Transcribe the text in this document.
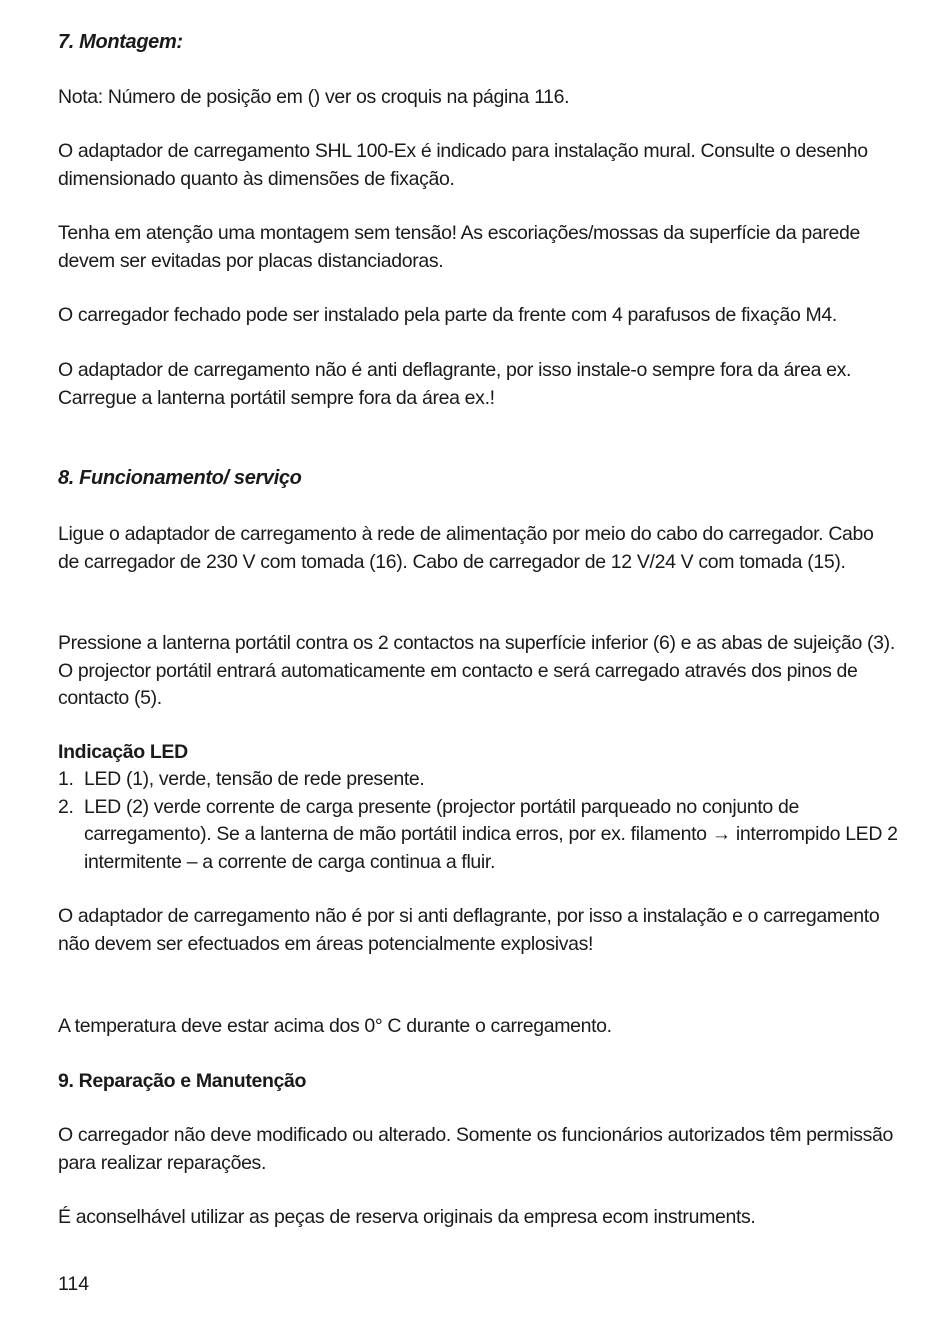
7. Montagem:

Nota: Número de posição em () ver os croquis na página 116.

O adaptador de carregamento SHL 100-Ex é indicado para instalação mural. Consulte o desenho dimensionado quanto às dimensões de fixação.

Tenha em atenção uma montagem sem tensão! As escoriações/mossas da superfície da parede devem ser evitadas por placas distanciadoras.

O carregador fechado pode ser instalado pela parte da frente com 4 parafusos de fixação M4.

O adaptador de carregamento não é anti deflagrante, por isso instale-o sempre fora da área ex. Carregue a lanterna portátil sempre fora da área ex.!

8. Funcionamento/ serviço

Ligue o adaptador de carregamento à rede de alimentação por meio do cabo do carregador. Cabo de carregador de 230 V com tomada (16). Cabo de carregador de 12 V/24 V com tomada (15).

Pressione a lanterna portátil contra os 2 contactos na superfície inferior (6) e as abas de sujeição (3). O projector portátil entrará automaticamente em contacto e será carregado através dos pinos de contacto (5).

Indicação LED

1. LED (1), verde, tensão de rede presente.
2. LED (2) verde corrente de carga presente (projector portátil parqueado no conjunto de carregamento). Se a lanterna de mão portátil indica erros, por ex. filamento → interrompido LED 2 intermitente – a corrente de carga continua a fluir.

O adaptador de carregamento não é por si anti deflagrante, por isso a instalação e o carregamento não devem ser efectuados em áreas potencialmente explosivas!

A temperatura deve estar acima dos 0° C durante o carregamento.

9. Reparação e Manutenção

O carregador não deve modificado ou alterado. Somente os funcionários autorizados têm permissão para realizar reparações.

É aconselhável utilizar as peças de reserva originais da empresa ecom instruments.

114
